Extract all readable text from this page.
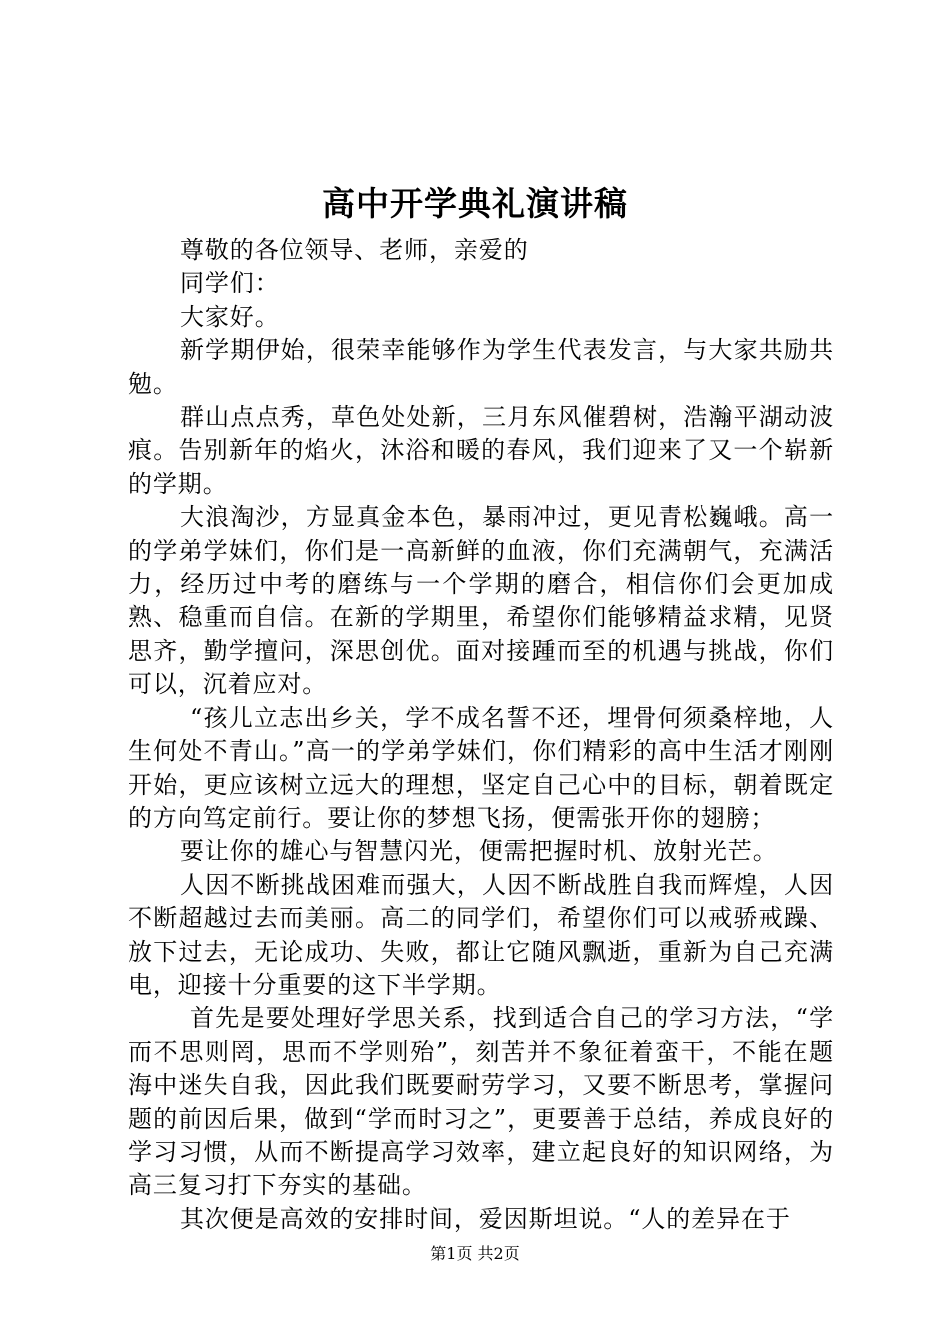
高中开学典礼演讲稿

尊敬的各位领导、老师，亲爱的

同学们：

大家好。

新学期伊始，很荣幸能够作为学生代表发言，与大家共励共勉。

群山点点秀，草色处处新，三月东风催碧树，浩瀚平湖动波痕。告别新年的焰火，沐浴和暖的春风，我们迎来了又一个崭新的学期。

大浪淘沙，方显真金本色，暴雨冲过，更见青松巍峨。高一的学弟学妹们，你们是一高新鲜的血液，你们充满朝气，充满活力，经历过中考的磨练与一个学期的磨合，相信你们会更加成熟、稳重而自信。在新的学期里，希望你们能够精益求精，见贤思齐，勤学擅问，深思创优。面对接踵而至的机遇与挑战，你们可以，沉着应对。

“孩儿立志出乡关，学不成名誓不还，埋骨何须桑梓地，人生何处不青山。”高一的学弟学妹们，你们精彩的高中生活才刚刚开始，更应该树立远大的理想，坚定自己心中的目标，朝着既定的方向笃定前行。要让你的梦想飞扬，便需张开你的翅膀；

要让你的雄心与智慧闪光，便需把握时机、放射光芒。

人因不断挑战困难而强大，人因不断战胜自我而辉煌，人因不断超越过去而美丽。高二的同学们，希望你们可以戒骄戒躁、放下过去，无论成功、失败，都让它随风飘逝，重新为自己充满电，迎接十分重要的这下半学期。

首先是要处理好学思关系，找到适合自己的学习方法，“学而不思则罔，思而不学则殆”，刻苦并不象征着蛮干，不能在题海中迷失自我，因此我们既要耐劳学习，又要不断思考，掌握问题的前因后果，做到“学而时习之”，更要善于总结，养成良好的学习习惯，从而不断提高学习效率，建立起良好的知识网络，为高三复习打下夯实的基础。

其次便是高效的安排时间，爱因斯坦说。“人的差异在于

第1页 共2页
